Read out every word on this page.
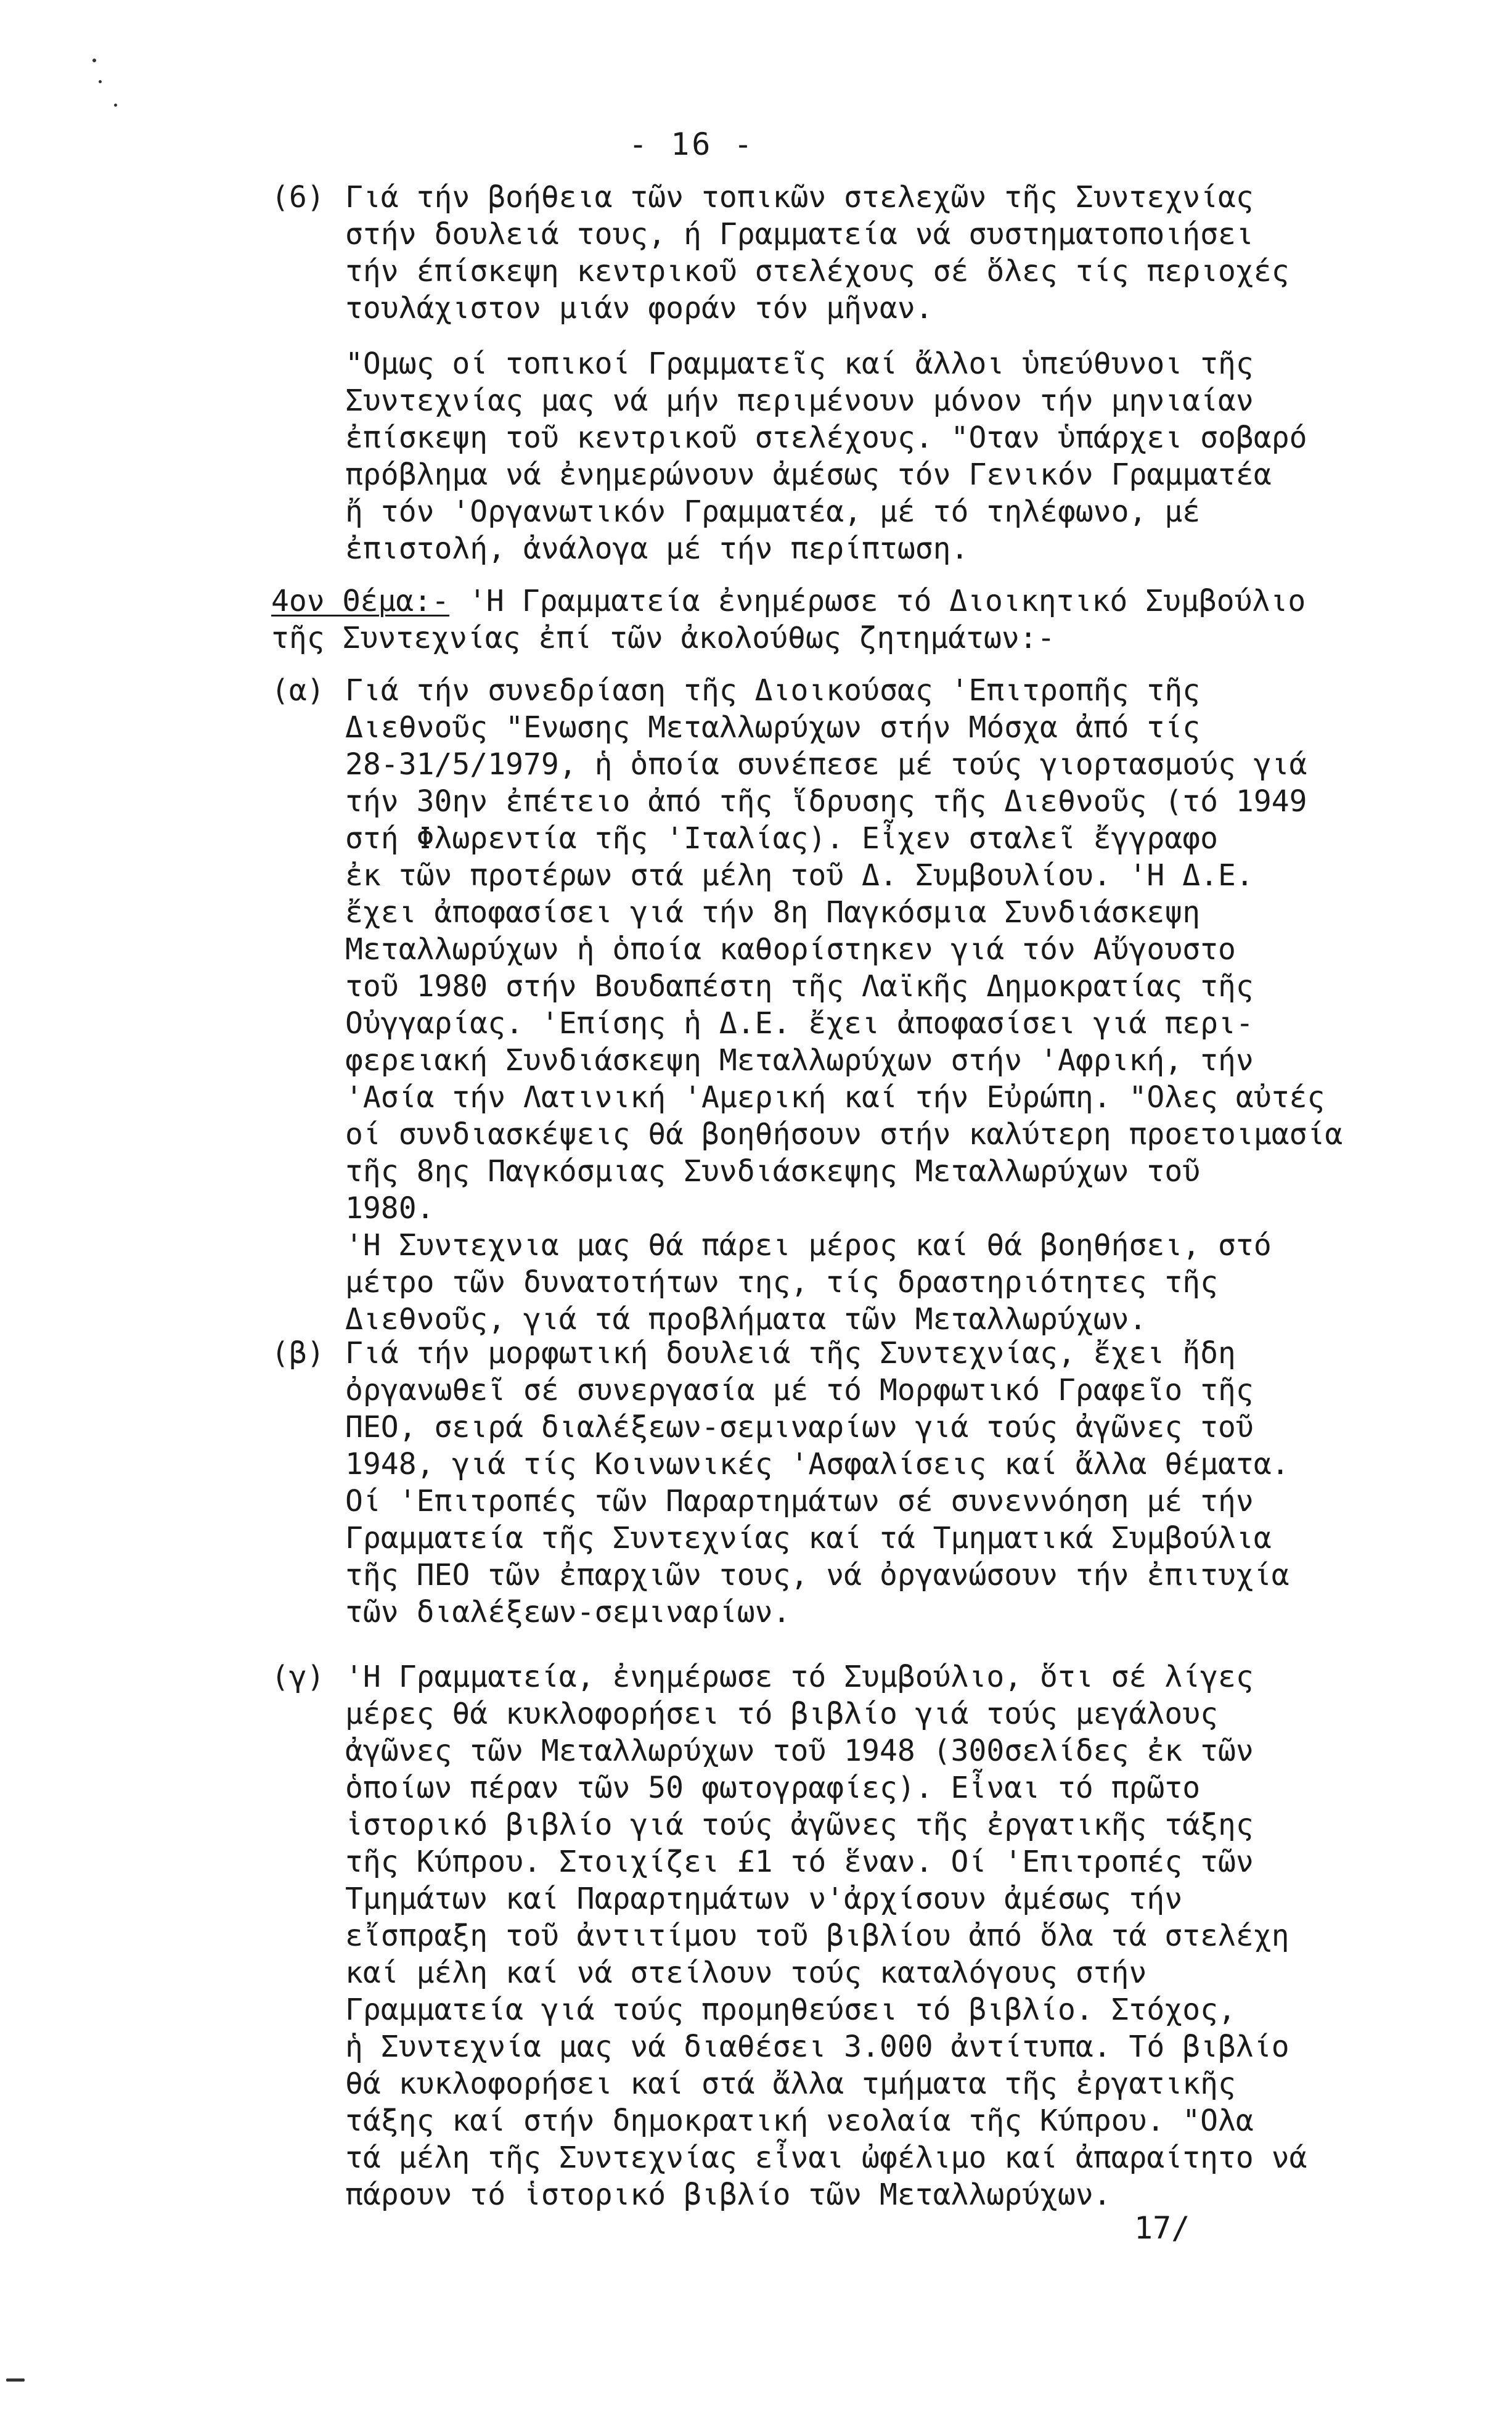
- 16 -
(6) Γιά τήν βοήθεια τῶν τοπικῶν στελεχῶν τῆς Συντεχνίας
στήν δουλειά τους, ή Γραμματεία νά συστηματοποιήσει
τήν έπίσκεψη κεντρικοῦ στελέχους σέ ὅλες τίς περιοχές
τουλάχιστον μιάν φοράν τόν μῆναν.
"Ομως οί τοπικοί Γραμματεῖς καί ἄλλοι ὑπεύθυνοι τῆς
Συντεχνίας μας νά μήν περιμένουν μόνον τήν μηνιαίαν
ἐπίσκεψη τοῦ κεντρικοῦ στελέχους. "Οταν ὑπάρχει σοβαρό
πρόβλημα νά ἐνημερώνουν ἀμέσως τόν Γενικόν Γραμματέα
ἤ τόν 'Οργανωτικόν Γραμματέα, μέ τό τηλέφωνο, μέ
ἐπιστολή, ἀνάλογα μέ τήν περίπτωση.
4ον Θέμα:- 'Η Γραμματεία ἐνημέρωσε τό Διοικητικό Συμβούλιο
τῆς Συντεχνίας ἐπί τῶν ἀκολούθως ζητημάτων:-
(α) Γιά τήν συνεδρίαση τῆς Διοικούσας 'Επιτροπῆς τῆς
Διεθνοῦς "Ενωσης Μεταλλωρύχων στήν Μόσχα ἀπό τίς
28-31/5/1979, ἡ ὁποία συνέπεσε μέ τούς γιορτασμούς γιά
τήν 30ην ἐπέτειο ἀπό τῆς ἵδρυσης τῆς Διεθνοῦς (τό 1949
στή Φλωρεντία τῆς 'Ιταλίας). Εἶχεν σταλεῖ ἔγγραφο
ἐκ τῶν προτέρων στά μέλη τοῦ Δ. Συμβουλίου. 'Η Δ.Ε.
ἔχει ἀποφασίσει γιά τήν 8η Παγκόσμια Συνδιάσκεψη
Μεταλλωρύχων ἡ ὁποία καθορίστηκεν γιά τόν Αὔγουστο
τοῦ 1980 στήν Βουδαπέστη τῆς Λαϊκῆς Δημοκρατίας τῆς
Οὐγγαρίας. 'Επίσης ἡ Δ.Ε. ἔχει ἀποφασίσει γιά περι-
φερειακή Συνδιάσκεψη Μεταλλωρύχων στήν 'Αφρική, τήν
'Ασία τήν Λατινική 'Αμερική καί τήν Εὐρώπη. "Ολες αὐτές
οί συνδιασκέψεις θά βοηθήσουν στήν καλύτερη προετοιμασία
τῆς 8ης Παγκόσμιας Συνδιάσκεψης Μεταλλωρύχων τοῦ
1980.
'Η Συντεχνια μας θά πάρει μέρος καί θά βοηθήσει, στό
μέτρο τῶν δυνατοτήτων της, τίς δραστηριότητες τῆς
Διεθνοῦς, γιά τά προβλήματα τῶν Μεταλλωρύχων.
(β) Γιά τήν μορφωτική δουλειά τῆς Συντεχνίας, ἔχει ἤδη
ὀργανωθεῖ σέ συνεργασία μέ τό Μορφωτικό Γραφεῖο τῆς
ΠΕΟ, σειρά διαλέξεων-σεμιναρίων γιά τούς ἀγῶνες τοῦ
1948, γιά τίς Κοινωνικές 'Ασφαλίσεις καί ἄλλα θέματα.
Οί 'Επιτροπές τῶν Παραρτημάτων σέ συνεννόηση μέ τήν
Γραμματεία τῆς Συντεχνίας καί τά Τμηματικά Συμβούλια
τῆς ΠΕΟ τῶν ἐπαρχιῶν τους, νά ὀργανώσουν τήν ἐπιτυχία
τῶν διαλέξεων-σεμιναρίων.
(γ) 'Η Γραμματεία, ἐνημέρωσε τό Συμβούλιο, ὅτι σέ λίγες
μέρες θά κυκλοφορήσει τό βιβλίο γιά τούς μεγάλους
ἀγῶνες τῶν Μεταλλωρύχων τοῦ 1948 (300σελίδες ἐκ τῶν
ὁποίων πέραν τῶν 50 φωτογραφίες). Εἶναι τό πρῶτο
ἱστορικό βιβλίο γιά τούς ἀγῶνες τῆς ἐργατικῆς τάξης
τῆς Κύπρου. Στοιχίζει £1 τό ἕναν. Οί 'Επιτροπές τῶν
Τμημάτων καί Παραρτημάτων ν'ἀρχίσουν ἀμέσως τήν
εἴσπραξη τοῦ ἀντιτίμου τοῦ βιβλίου ἀπό ὅλα τά στελέχη
καί μέλη καί νά στείλουν τούς καταλόγους στήν
Γραμματεία γιά τούς προμηθεύσει τό βιβλίο. Στόχος,
ἡ Συντεχνία μας νά διαθέσει 3.000 ἀντίτυπα. Τό βιβλίο
θά κυκλοφορήσει καί στά ἄλλα τμήματα τῆς ἐργατικῆς
τάξης καί στήν δημοκρατική νεολαία τῆς Κύπρου. "Ολα
τά μέλη τῆς Συντεχνίας εἶναι ὠφέλιμο καί ἀπαραίτητο νά
πάρουν τό ἱστορικό βιβλίο τῶν Μεταλλωρύχων.
17/
